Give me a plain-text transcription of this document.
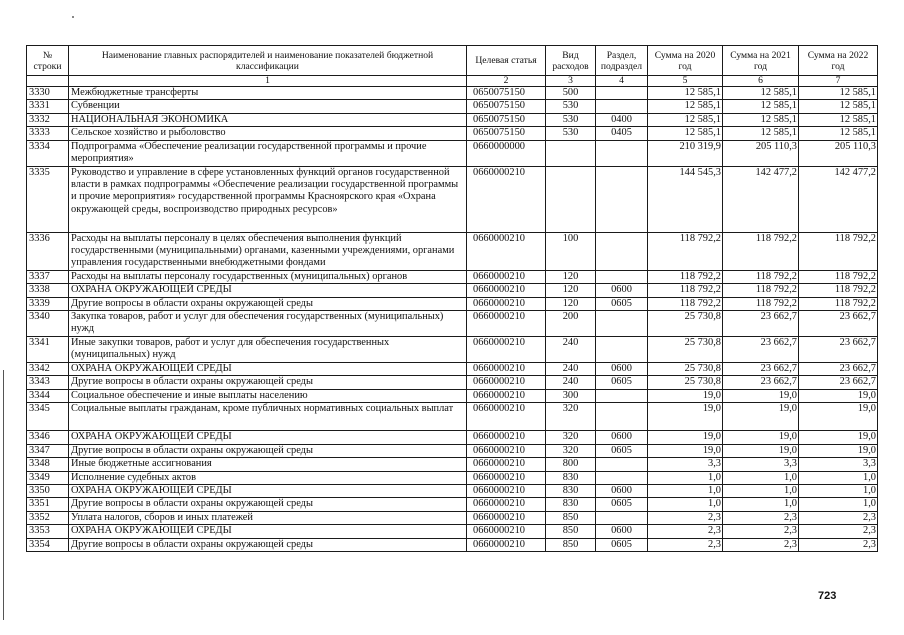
№ строки	Наименование главных распорядителей и наименование показателей бюджетной классификации	Целевая статья	Вид расходов	Раздел, подраздел	Сумма на 2020 год	Сумма на 2021 год	Сумма на 2022 год
	1	2	3	4	5	6	7
3330	Межбюджетные трансферты	0650075150	500		12 585,1	12 585,1	12 585,1
3331	Субвенции	0650075150	530		12 585,1	12 585,1	12 585,1
3332	НАЦИОНАЛЬНАЯ ЭКОНОМИКА	0650075150	530	0400	12 585,1	12 585,1	12 585,1
3333	Сельское хозяйство и рыболовство	0650075150	530	0405	12 585,1	12 585,1	12 585,1
3334	Подпрограмма «Обеспечение реализации государственной программы и прочие мероприятия»	0660000000			210 319,9	205 110,3	205 110,3
3335	Руководство и управление в сфере установленных функций органов государственной власти в рамках подпрограммы «Обеспечение реализации государственной программы и прочие мероприятия» государственной программы Красноярского края «Охрана окружающей среды, воспроизводство природных ресурсов»	0660000210			144 545,3	142 477,2	142 477,2
3336	Расходы на выплаты персоналу в целях обеспечения выполнения функций государственными (муниципальными) органами, казенными учреждениями, органами управления государственными внебюджетными фондами	0660000210	100		118 792,2	118 792,2	118 792,2
3337	Расходы на выплаты персоналу государственных (муниципальных) органов	0660000210	120		118 792,2	118 792,2	118 792,2
3338	ОХРАНА ОКРУЖАЮЩЕЙ СРЕДЫ	0660000210	120	0600	118 792,2	118 792,2	118 792,2
3339	Другие вопросы в области охраны окружающей среды	0660000210	120	0605	118 792,2	118 792,2	118 792,2
3340	Закупка товаров, работ и услуг для обеспечения государственных (муниципальных) нужд	0660000210	200		25 730,8	23 662,7	23 662,7
3341	Иные закупки товаров, работ и услуг для обеспечения государственных (муниципальных) нужд	0660000210	240		25 730,8	23 662,7	23 662,7
3342	ОХРАНА ОКРУЖАЮЩЕЙ СРЕДЫ	0660000210	240	0600	25 730,8	23 662,7	23 662,7
3343	Другие вопросы в области охраны окружающей среды	0660000210	240	0605	25 730,8	23 662,7	23 662,7
3344	Социальное обеспечение и иные выплаты населению	0660000210	300		19,0	19,0	19,0
3345	Социальные выплаты гражданам, кроме публичных нормативных социальных выплат	0660000210	320		19,0	19,0	19,0
3346	ОХРАНА ОКРУЖАЮЩЕЙ СРЕДЫ	0660000210	320	0600	19,0	19,0	19,0
3347	Другие вопросы в области охраны окружающей среды	0660000210	320	0605	19,0	19,0	19,0
3348	Иные бюджетные ассигнования	0660000210	800		3,3	3,3	3,3
3349	Исполнение судебных актов	0660000210	830		1,0	1,0	1,0
3350	ОХРАНА ОКРУЖАЮЩЕЙ СРЕДЫ	0660000210	830	0600	1,0	1,0	1,0
3351	Другие вопросы в области охраны окружающей среды	0660000210	830	0605	1,0	1,0	1,0
3352	Уплата налогов, сборов и иных платежей	0660000210	850		2,3	2,3	2,3
3353	ОХРАНА ОКРУЖАЮЩЕЙ СРЕДЫ	0660000210	850	0600	2,3	2,3	2,3
3354	Другие вопросы в области охраны окружающей среды	0660000210	850	0605	2,3	2,3	2,3
723
